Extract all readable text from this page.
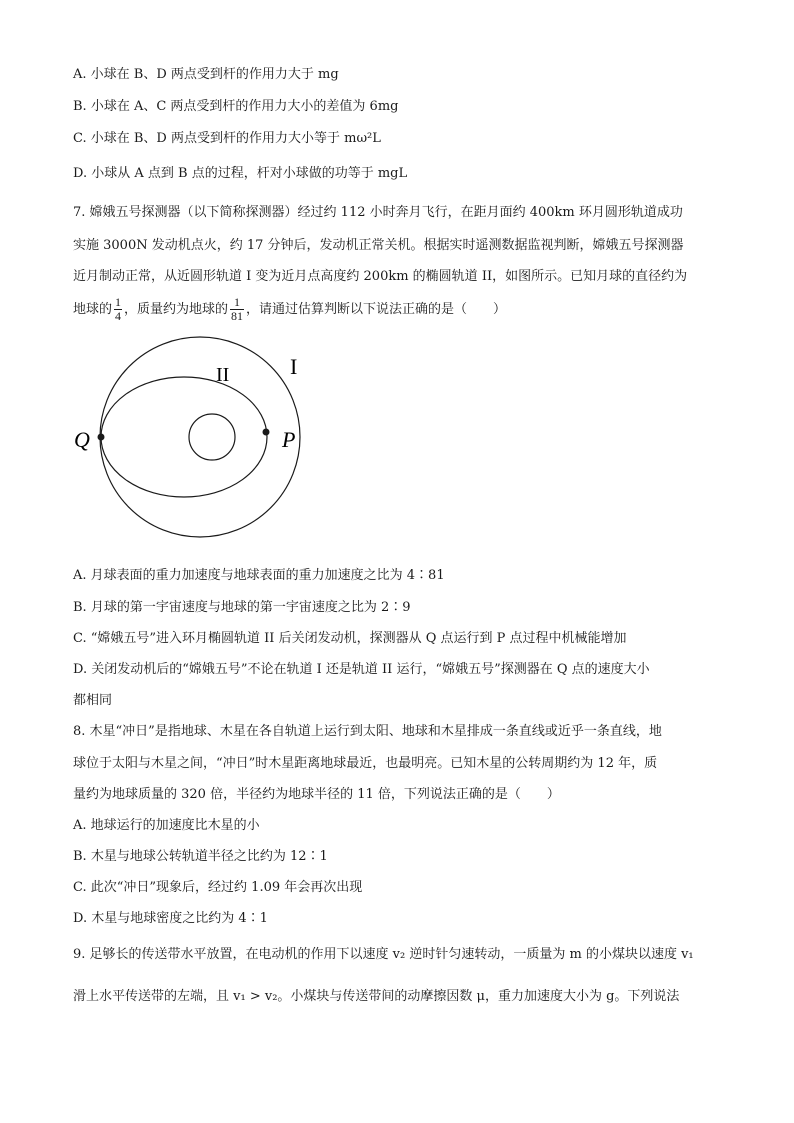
A. 小球在 B、D 两点受到杆的作用力大于 mg
B. 小球在 A、C 两点受到杆的作用力大小的差值为 6mg
C. 小球在 B、D 两点受到杆的作用力大小等于 mω²L
D. 小球从 A 点到 B 点的过程，杆对小球做的功等于 mgL
7. 嫦娥五号探测器（以下简称探测器）经过约 112 小时奔月飞行，在距月面约 400km 环月圆形轨道成功
实施 3000N 发动机点火，约 17 分钟后，发动机正常关机。根据实时遥测数据监视判断，嫦娥五号探测器
近月制动正常，从近圆形轨道 I 变为近月点高度约 200km 的椭圆轨道 II，如图所示。已知月球的直径约为
地球的 $\frac{1}{4}$ ，质量约为地球的 $\frac{1}{81}$ ，请通过估算判断以下说法正确的是（　　）
I
II
Q	P
A. 月球表面的重力加速度与地球表面的重力加速度之比为 4∶81
B. 月球的第一宇宙速度与地球的第一宇宙速度之比为 2∶9
C. “嫦娥五号”进入环月椭圆轨道 II 后关闭发动机，探测器从 Q 点运行到 P 点过程中机械能增加
D. 关闭发动机后的“嫦娥五号”不论在轨道 I 还是轨道 II 运行，“嫦娥五号”探测器在 Q 点的速度大小
都相同
8. 木星“冲日”是指地球、木星在各自轨道上运行到太阳、地球和木星排成一条直线或近乎一条直线，地
球位于太阳与木星之间，“冲日”时木星距离地球最近，也最明亮。已知木星的公转周期约为 12 年，质
量约为地球质量的 320 倍，半径约为地球半径的 11 倍，下列说法正确的是（　　）
A. 地球运行的加速度比木星的小
B. 木星与地球公转轨道半径之比约为 12∶1
C. 此次“冲日”现象后，经过约 1.09 年会再次出现
D. 木星与地球密度之比约为 4∶1
9. 足够长的传送带水平放置，在电动机的作用下以速度 v₂ 逆时针匀速转动，一质量为 m 的小煤块以速度 v₁
滑上水平传送带的左端，且 v₁ > v₂。小煤块与传送带间的动摩擦因数 μ，重力加速度大小为 g。下列说法
